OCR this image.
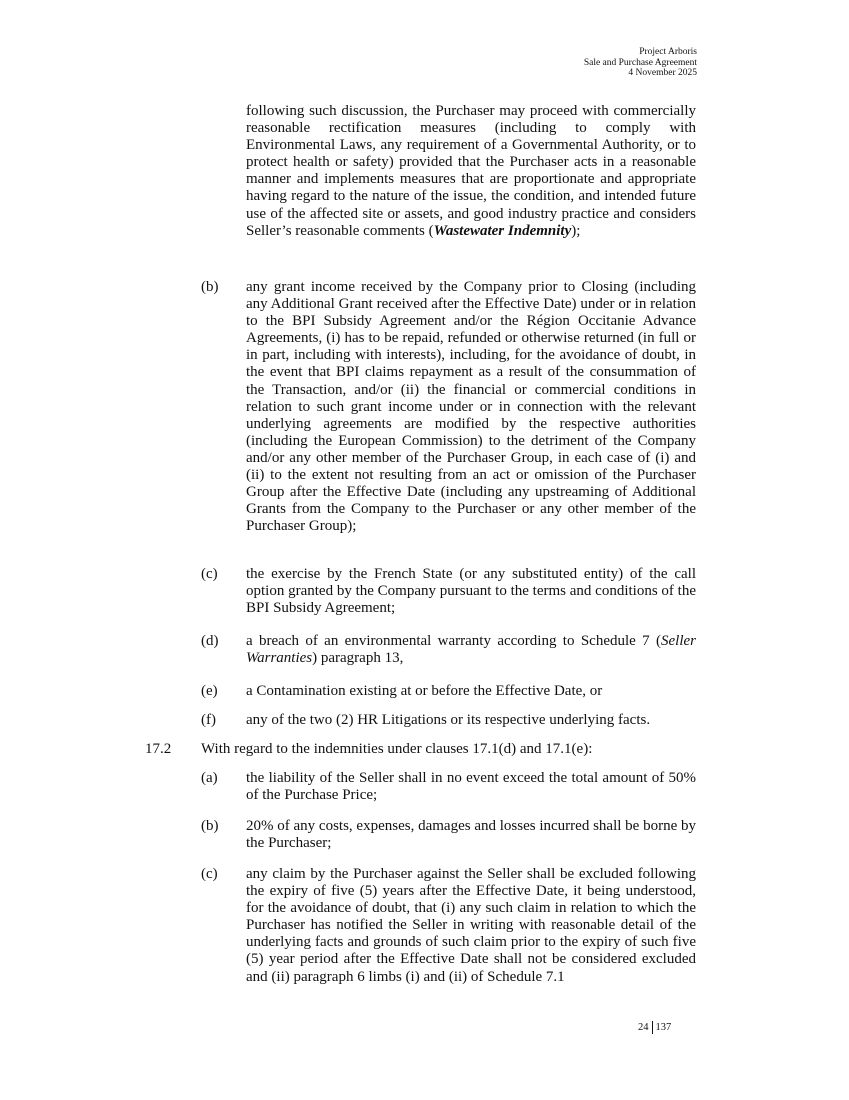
Project Arboris
Sale and Purchase Agreement
4 November 2025
following such discussion, the Purchaser may proceed with commercially reasonable rectification measures (including to comply with Environmental Laws, any requirement of a Governmental Authority, or to protect health or safety) provided that the Purchaser acts in a reasonable manner and implements measures that are proportionate and appropriate having regard to the nature of the issue, the condition, and intended future use of the affected site or assets, and good industry practice and considers Seller’s reasonable comments (Wastewater Indemnity);
(b) any grant income received by the Company prior to Closing (including any Additional Grant received after the Effective Date) under or in relation to the BPI Subsidy Agreement and/or the Région Occitanie Advance Agreements, (i) has to be repaid, refunded or otherwise returned (in full or in part, including with interests), including, for the avoidance of doubt, in the event that BPI claims repayment as a result of the consummation of the Transaction, and/or (ii) the financial or commercial conditions in relation to such grant income under or in connection with the relevant underlying agreements are modified by the respective authorities (including the European Commission) to the detriment of the Company and/or any other member of the Purchaser Group, in each case of (i) and (ii) to the extent not resulting from an act or omission of the Purchaser Group after the Effective Date (including any upstreaming of Additional Grants from the Company to the Purchaser or any other member of the Purchaser Group);
(c) the exercise by the French State (or any substituted entity) of the call option granted by the Company pursuant to the terms and conditions of the BPI Subsidy Agreement;
(d) a breach of an environmental warranty according to Schedule 7 (Seller Warranties) paragraph 13,
(e) a Contamination existing at or before the Effective Date, or
(f) any of the two (2) HR Litigations or its respective underlying facts.
17.2 With regard to the indemnities under clauses 17.1(d) and 17.1(e):
(a) the liability of the Seller shall in no event exceed the total amount of 50% of the Purchase Price;
(b) 20% of any costs, expenses, damages and losses incurred shall be borne by the Purchaser;
(c) any claim by the Purchaser against the Seller shall be excluded following the expiry of five (5) years after the Effective Date, it being understood, for the avoidance of doubt, that (i) any such claim in relation to which the Purchaser has notified the Seller in writing with reasonable detail of the underlying facts and grounds of such claim prior to the expiry of such five (5) year period after the Effective Date shall not be considered excluded and (ii) paragraph 6 limbs (i) and (ii) of Schedule 7.1
24 137
